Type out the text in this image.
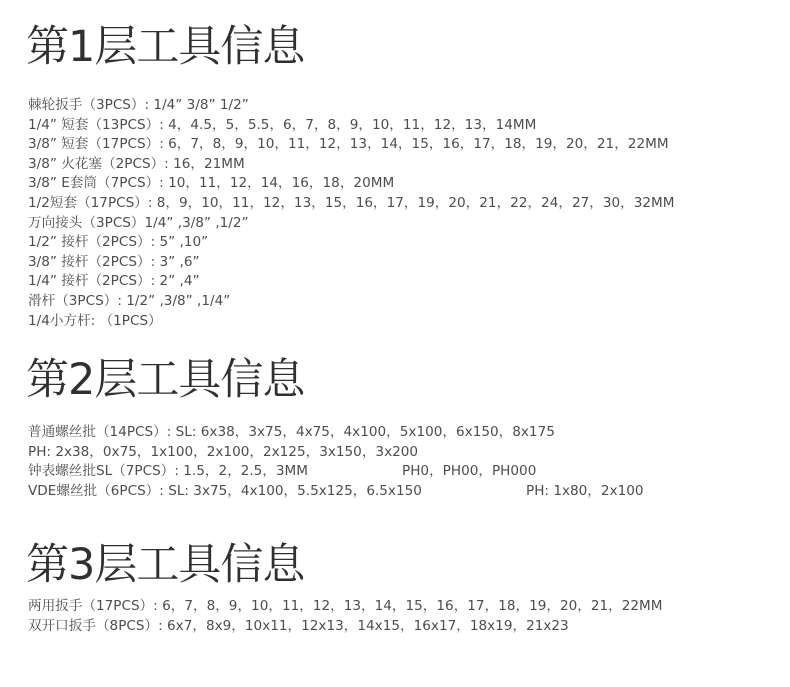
第1层工具信息
棘轮扳手（3PCS）: 1/4” 3/8” 1/2”
1/4” 短套（13PCS）: 4，4.5，5，5.5，6，7，8，9，10，11，12，13，14MM
3/8” 短套（17PCS）: 6，7，8，9，10，11，12，13，14，15，16，17，18，19，20，21，22MM
3/8” 火花塞（2PCS）: 16，21MM
3/8” E套筒（7PCS）: 10，11，12，14，16，18，20MM
1/2短套（17PCS）: 8，9，10，11，12，13，15，16，17，19，20，21，22，24，27，30，32MM
万向接头（3PCS）1/4” ,3/8” ,1/2”
1/2” 接杆（2PCS）: 5” ,10”
3/8” 接杆（2PCS）: 3” ,6”
1/4” 接杆（2PCS）: 2” ,4”
滑杆（3PCS）: 1/2” ,3/8” ,1/4”
1/4小方杆: （1PCS）
第2层工具信息
普通螺丝批（14PCS）: SL: 6x38，3x75，4x75，4x100，5x100，6x150，8x175
PH: 2x38，0x75，1x100，2x100，2x125，3x150，3x200
钟表螺丝批SL（7PCS）: 1.5，2，2.5，3MM	PH0，PH00，PH000
VDE螺丝批（6PCS）: SL: 3x75，4x100，5.5x125，6.5x150	PH: 1x80，2x100
第3层工具信息
两用扳手（17PCS）: 6，7，8，9，10，11，12，13，14，15，16，17，18，19，20，21，22MM
双开口扳手（8PCS）: 6x7，8x9，10x11，12x13，14x15，16x17，18x19，21x23
